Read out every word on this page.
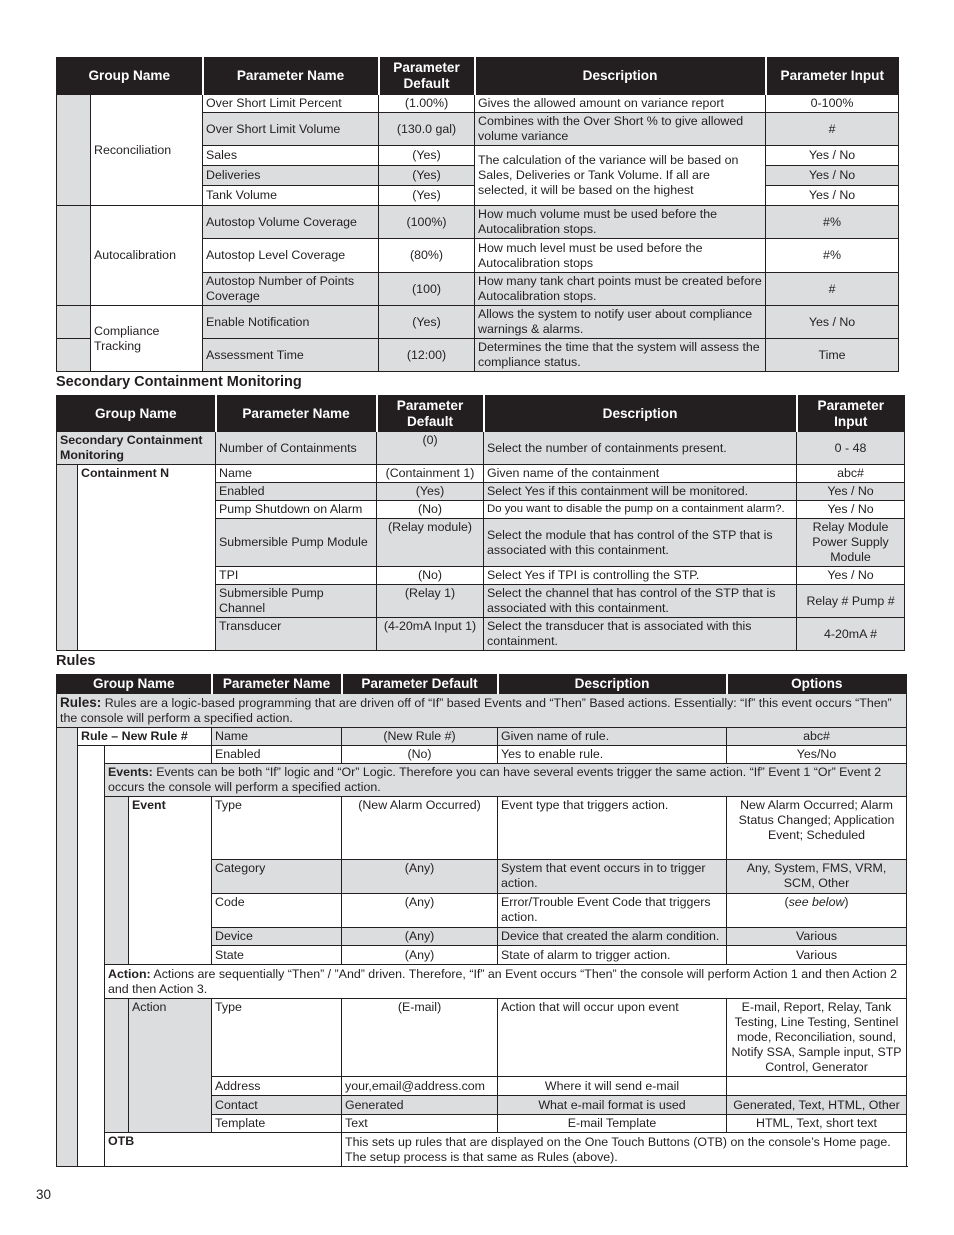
Group Name		Parameter Name	Parameter Default	Description	Parameter Input
	Reconciliation	Over Short Limit Percent	(1.00%)	Gives the allowed amount on variance report	0-100%
		Over Short Limit Volume	(130.0 gal)	Combines with the Over Short % to give allowed volume variance	#
		Sales	(Yes)	The calculation of the variance will be based on Sales, Deliveries or Tank Volume. If all are selected, it will be based on the highest	Yes / No
		Deliveries	(Yes)		Yes / No
		Tank Volume	(Yes)		Yes / No
	Autocalibration	Autostop Volume Coverage	(100%)	How much volume must be used before the Autocalibration stops.	#%
		Autostop Level Coverage	(80%)	How much level must be used before the Autocalibration stops	#%
		Autostop Number of Points Coverage	(100)	How many tank chart points must be created before Autocalibration stops.	#
	Compliance Tracking	Enable Notification	(Yes)	Allows the system to notify user about compliance warnings & alarms.	Yes / No
		Assessment Time	(12:00)	Determines the time that the system will assess the compliance status.	Time
Secondary Containment Monitoring
Group Name		Parameter Name	Parameter Default	Description	Parameter Input
Secondary Containment Monitoring		Number of Containments	(0)	Select the number of containments present.	0 - 48
	Containment N	Name	(Containment 1)	Given name of the containment	abc#
		Enabled	(Yes)	Select Yes if this containment will be monitored.	Yes / No
		Pump Shutdown on Alarm	(No)	Do you want to disable the pump on a containment alarm?.	Yes / No
		Submersible Pump Module	(Relay module)	Select the module that has control of the STP that is associated with this containment.	Relay Module Power Supply Module
		TPI	(No)	Select Yes if TPI is controlling the STP.	Yes / No
		Submersible Pump Channel	(Relay 1)	Select the channel that has control of the STP that is associated with this containment.	Relay # Pump #
		Transducer	(4-20mA Input 1)	Select the transducer that is associated with this containment.	4-20mA #
Rules
Group Name				Parameter Name	Parameter Default	Description	Options
Rules: Rules are a logic-based programming that are driven off of “If” based Events and “Then” Based actions. Essentially: “If” this event occurs “Then” the console will perform a specified action.							
	Rule – New Rule #			Name	(New Rule #)	Given name of rule.	abc#
				Enabled	(No)	Yes to enable rule.	Yes/No
		Events: Events can be both “If” logic and “Or” Logic. Therefore you can have several events trigger the same action. “If” Event 1 “Or” Event 2 occurs the console will perform a specified action.					
			Event	Type	(New Alarm Occurred)	Event type that triggers action.	New Alarm Occurred; Alarm Status Changed; Application Event; Scheduled
				Category	(Any)	System that event occurs in to trigger action.	Any, System, FMS, VRM, SCM, Other
				Code	(Any)	Error/Trouble Event Code that triggers action.	(see below)
				Device	(Any)	Device that created the alarm condition.	Various
				State	(Any)	State of alarm to trigger action.	Various
		Action: Actions are sequentially “Then” / ”And” driven. Therefore, “If” an Event occurs “Then” the console will perform Action 1 and then Action 2 and then Action 3.					
			Action	Type	(E-mail)	Action that will occur upon event	E-mail, Report, Relay, Tank Testing, Line Testing, Sentinel mode, Reconciliation, sound, Notify SSA, Sample input, STP Control, Generator
				Address	your,email@address.com	Where it will send e-mail	
				Contact	Generated	What e-mail format is used	Generated, Text, HTML, Other
				Template	Text	E-mail Template	HTML, Text, short text
		OTB			This sets up rules that are displayed on the One Touch Buttons (OTB) on the console’s Home page. The setup process is that same as Rules (above).		
30
